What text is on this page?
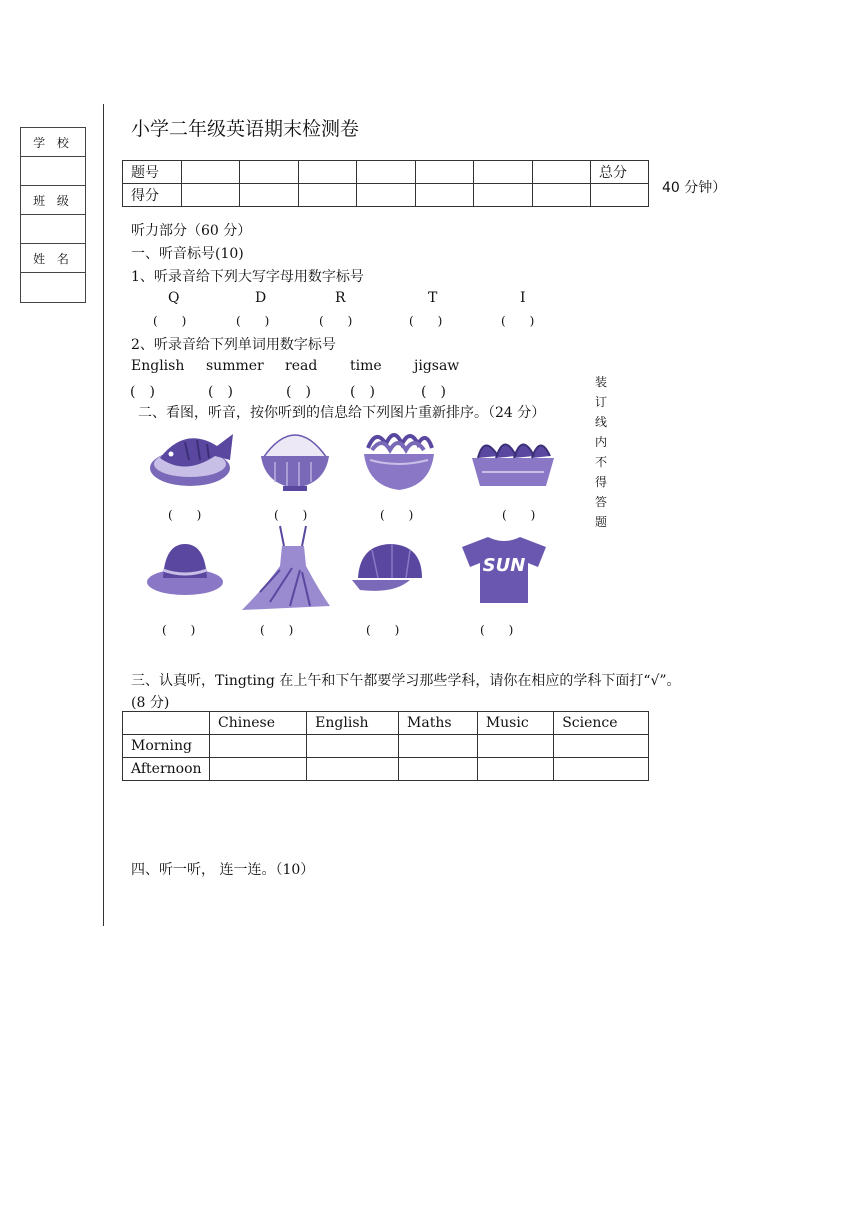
学 校
班 级
姓 名
小学二年级英语期末检测卷
题号								总分
得分									40 分钟）
听力部分（60 分）
一、听音标号(10)
1、听录音给下列大写字母用数字标号
Q	D	R	T	I
(　　)	(　　)	(　　)	(　　)	(　　)
2、听录音给下列单词用数字标号
English summer read time jigsaw
(　)	(　)	(　)	(　)	(　)
二、看图，听音，按你听到的信息给下列图片重新排序。（24 分）
装订线内不得答题
(　　)	(　　)	(　　)	(　　)
SUN
(　　)	(　　)	(　　)	(　　)
三、认真听，Tingting 在上午和下午都要学习那些学科，请你在相应的学科下面打“√”。
(8 分)
	Chinese	English	Maths	Music	Science
Morning					
Afternoon					
四、听一听， 连一连。（10）
